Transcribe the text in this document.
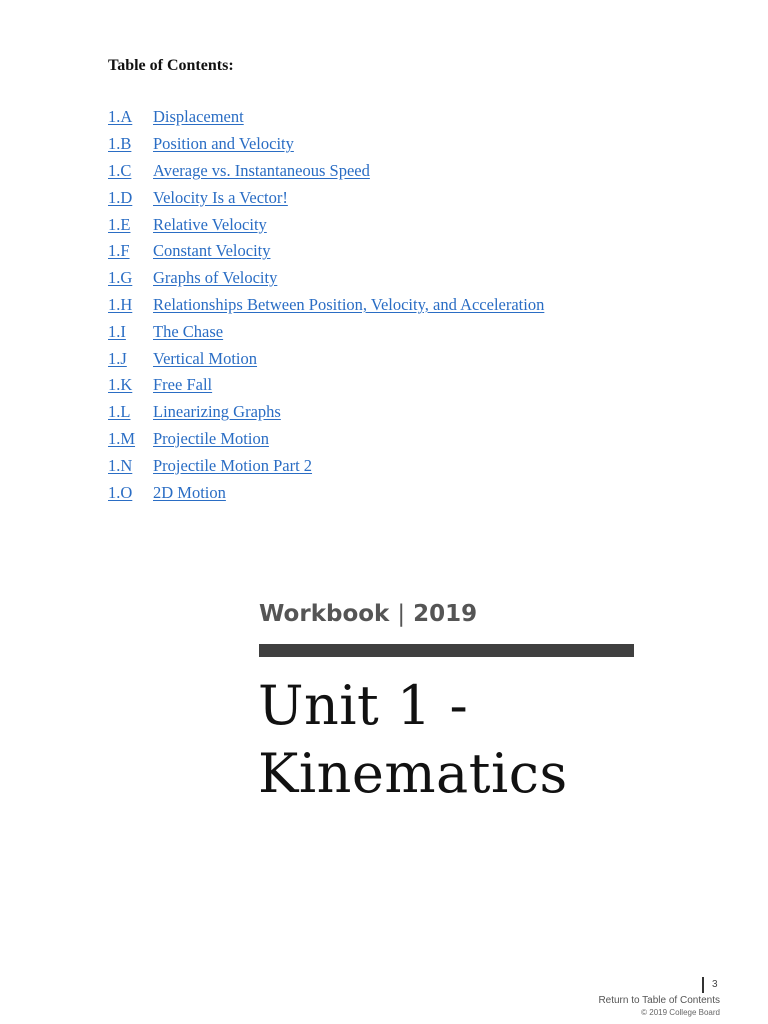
Table of Contents:
1.A	Displacement
1.B	Position and Velocity
1.C	Average vs. Instantaneous Speed
1.D	Velocity Is a Vector!
1.E	Relative Velocity
1.F	Constant Velocity
1.G	Graphs of Velocity
1.H	Relationships Between Position, Velocity, and Acceleration
1.I	The Chase
1.J	Vertical Motion
1.K	Free Fall
1.L	Linearizing Graphs
1.M	Projectile Motion
1.N	Projectile Motion Part 2
1.O	2D Motion
Workbook | 2019
Unit 1 -
Kinematics
3
Return to Table of Contents
© 2019 College Board
